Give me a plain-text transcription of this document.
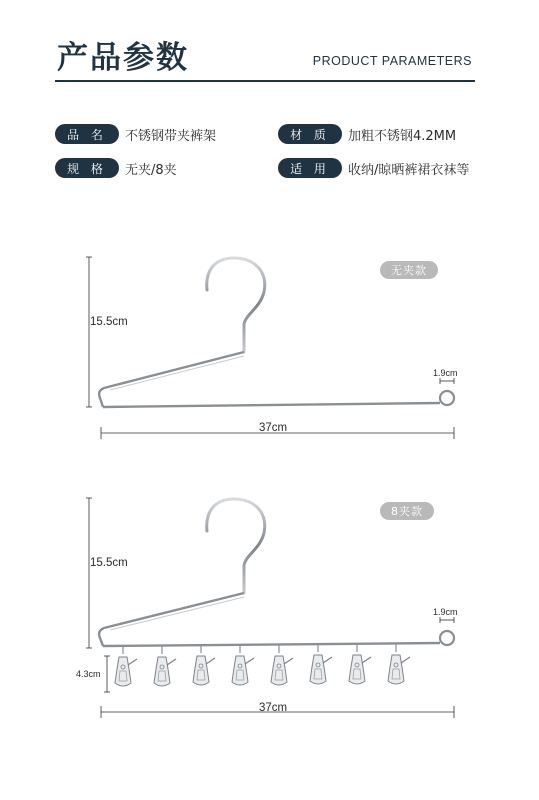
产品参数	PRODUCT PARAMETERS
品 名	不锈钢带夹裤架	材 质	加粗不锈钢4.2MM
规 格	无夹/8夹	适 用	收纳/晾晒裤裙衣袜等
无夹款
15.5cm
37cm
1.9cm
8夹款
15.5cm
4.3cm
37cm
1.9cm
